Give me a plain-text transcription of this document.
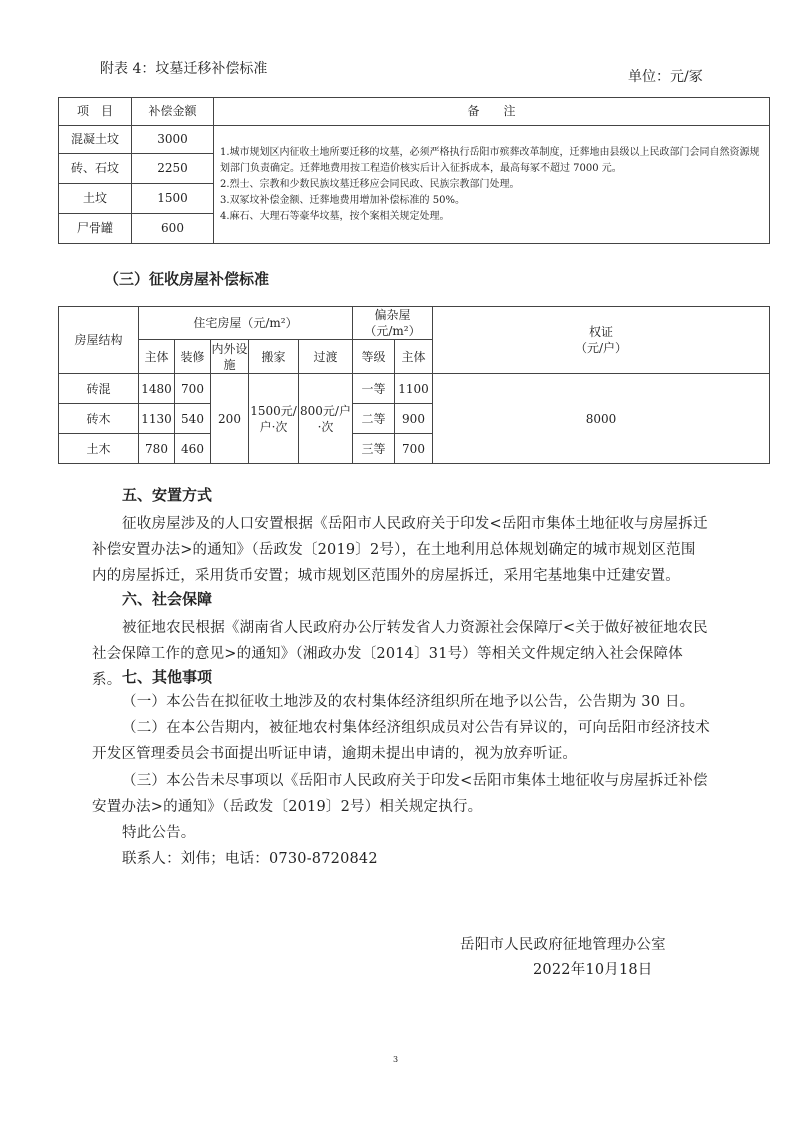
附表 4：坟墓迁移补偿标准	单位：元/冢
项　目	补偿金额	备　　注
混凝土坟	3000	1.城市规划区内征收土地所要迁移的坟墓，必须严格执行岳阳市殡葬改革制度，迁葬地由县级以上民政部门会同自然资源规划部门负责确定。迁葬地费用按工程造价核实后计入征拆成本，最高每冢不超过 7000 元。

2.烈士、宗教和少数民族坟墓迁移应会同民政、民族宗教部门处理。

3.双冢坟补偿金额、迁葬地费用增加补偿标准的 50%。

4.麻石、大理石等豪华坟墓，按个案相关规定处理。

砖、石坟	2250	
土坟	1500	
尸骨罐	600	
（三）征收房屋补偿标准
房屋结构	住宅房屋（元/m²）					偏杂屋（元/m²）		权证
（元/户）

	主体	装修	内外设施	搬家	过渡	等级	主体	
砖混	1480	700	200	1500元/户·次	800元/户·次	一等	1100	8000
砖木	1130	540				二等	900	
土木	780	460				三等	700	
五、安置方式
征收房屋涉及的人口安置根据《岳阳市人民政府关于印发<岳阳市集体土地征收与房屋拆迁补偿安置办法>的通知》（岳政发〔2019〕2号），在土地利用总体规划确定的城市规划区范围内的房屋拆迁，采用货币安置；城市规划区范围外的房屋拆迁，采用宅基地集中迁建安置。
六、社会保障
被征地农民根据《湖南省人民政府办公厅转发省人力资源社会保障厅<关于做好被征地农民社会保障工作的意见>的通知》（湘政办发〔2014〕31号）等相关文件规定纳入社会保障体系。 七、其他事项
（一）本公告在拟征收土地涉及的农村集体经济组织所在地予以公告，公告期为 30 日。
（二）在本公告期内，被征地农村集体经济组织成员对公告有异议的，可向岳阳市经济技术开发区管理委员会书面提出听证申请，逾期未提出申请的，视为放弃听证。
（三）本公告未尽事项以《岳阳市人民政府关于印发<岳阳市集体土地征收与房屋拆迁补偿安置办法>的通知》（岳政发〔2019〕2号）相关规定执行。
特此公告。
联系人：刘伟；电话：0730-8720842
岳阳市人民政府征地管理办公室
2022年10月18日
3
